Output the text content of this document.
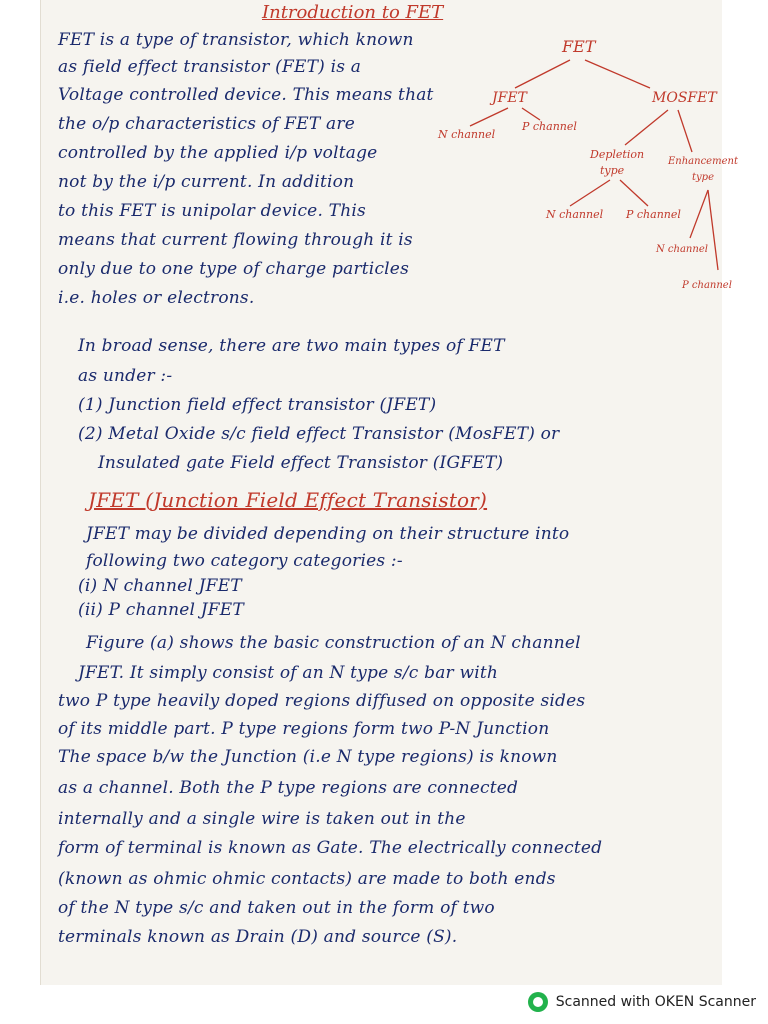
Introduction to FET
FET is a type of transistor, which known
as field effect transistor (FET) is a
Voltage controlled device. This means that
the o/p characteristics of FET are
controlled by the applied i/p voltage
not by the i/p current. In addition
to this FET is unipolar device. This
means that current flowing through it is
only due to one type of charge particles
i.e. holes or electrons.
In broad sense, there are two main types of FET
as under :-
(1) Junction field effect transistor (JFET)
(2) Metal Oxide s/c field effect Transistor (MosFET) or
Insulated gate Field effect Transistor (IGFET)
JFET (Junction Field Effect Transistor)
JFET may be divided depending on their structure into
following two category categories :-
(i) N channel JFET
(ii) P channel JFET
Figure (a) shows the basic construction of an N channel
JFET. It simply consist of an N type s/c bar with
two P type heavily doped regions diffused on opposite sides
of its middle part. P type regions form two P-N Junction
The space b/w the Junction (i.e N type regions) is known
as a channel. Both the P type regions are connected
internally and a single wire is taken out in the
form of terminal is known as Gate. The electrically connected
(known as ohmic ohmic contacts) are made to both ends
of the N type s/c and taken out in the form of two
terminals known as Drain (D) and source (S).
FET
JFET	MOSFET
N channel
P channel
Depletion
type
Enhancement
type
N channel P channel
N channel
P channel
Scanned with OKEN Scanner
